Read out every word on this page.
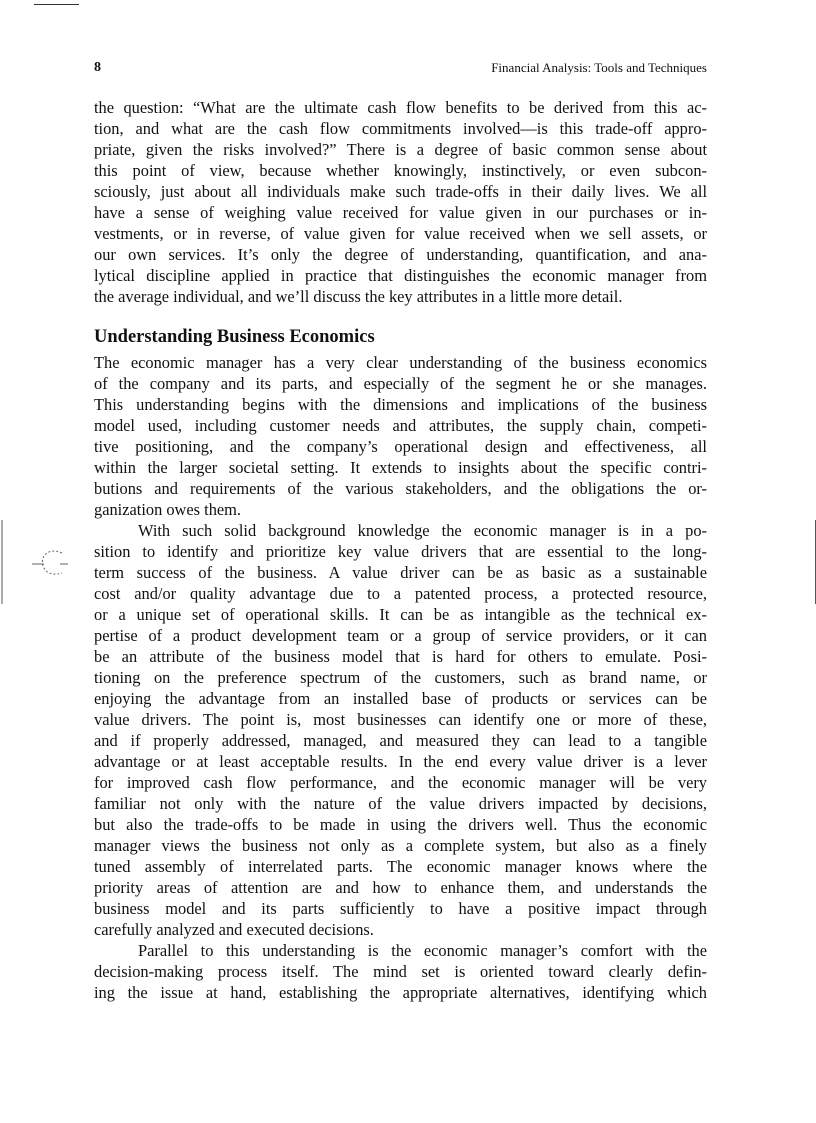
8	Financial Analysis: Tools and Techniques
the question: “What are the ultimate cash flow benefits to be derived from this ac-
tion, and what are the cash flow commitments involved—is this trade-off appro-
priate, given the risks involved?” There is a degree of basic common sense about
this point of view, because whether knowingly, instinctively, or even subcon-
sciously, just about all individuals make such trade-offs in their daily lives. We all
have a sense of weighing value received for value given in our purchases or in-
vestments, or in reverse, of value given for value received when we sell assets, or
our own services. It’s only the degree of understanding, quantification, and ana-
lytical discipline applied in practice that distinguishes the economic manager from
the average individual, and we’ll discuss the key attributes in a little more detail.
Understanding Business Economics
The economic manager has a very clear understanding of the business economics
of the company and its parts, and especially of the segment he or she manages.
This understanding begins with the dimensions and implications of the business
model used, including customer needs and attributes, the supply chain, competi-
tive positioning, and the company’s operational design and effectiveness, all
within the larger societal setting. It extends to insights about the specific contri-
butions and requirements of the various stakeholders, and the obligations the or-
ganization owes them.
With such solid background knowledge the economic manager is in a po-
sition to identify and prioritize key value drivers that are essential to the long-
term success of the business. A value driver can be as basic as a sustainable
cost and/or quality advantage due to a patented process, a protected resource,
or a unique set of operational skills. It can be as intangible as the technical ex-
pertise of a product development team or a group of service providers, or it can
be an attribute of the business model that is hard for others to emulate. Posi-
tioning on the preference spectrum of the customers, such as brand name, or
enjoying the advantage from an installed base of products or services can be
value drivers. The point is, most businesses can identify one or more of these,
and if properly addressed, managed, and measured they can lead to a tangible
advantage or at least acceptable results. In the end every value driver is a lever
for improved cash flow performance, and the economic manager will be very
familiar not only with the nature of the value drivers impacted by decisions,
but also the trade-offs to be made in using the drivers well. Thus the economic
manager views the business not only as a complete system, but also as a finely
tuned assembly of interrelated parts. The economic manager knows where the
priority areas of attention are and how to enhance them, and understands the
business model and its parts sufficiently to have a positive impact through
carefully analyzed and executed decisions.
Parallel to this understanding is the economic manager’s comfort with the
decision-making process itself. The mind set is oriented toward clearly defin-
ing the issue at hand, establishing the appropriate alternatives, identifying which
